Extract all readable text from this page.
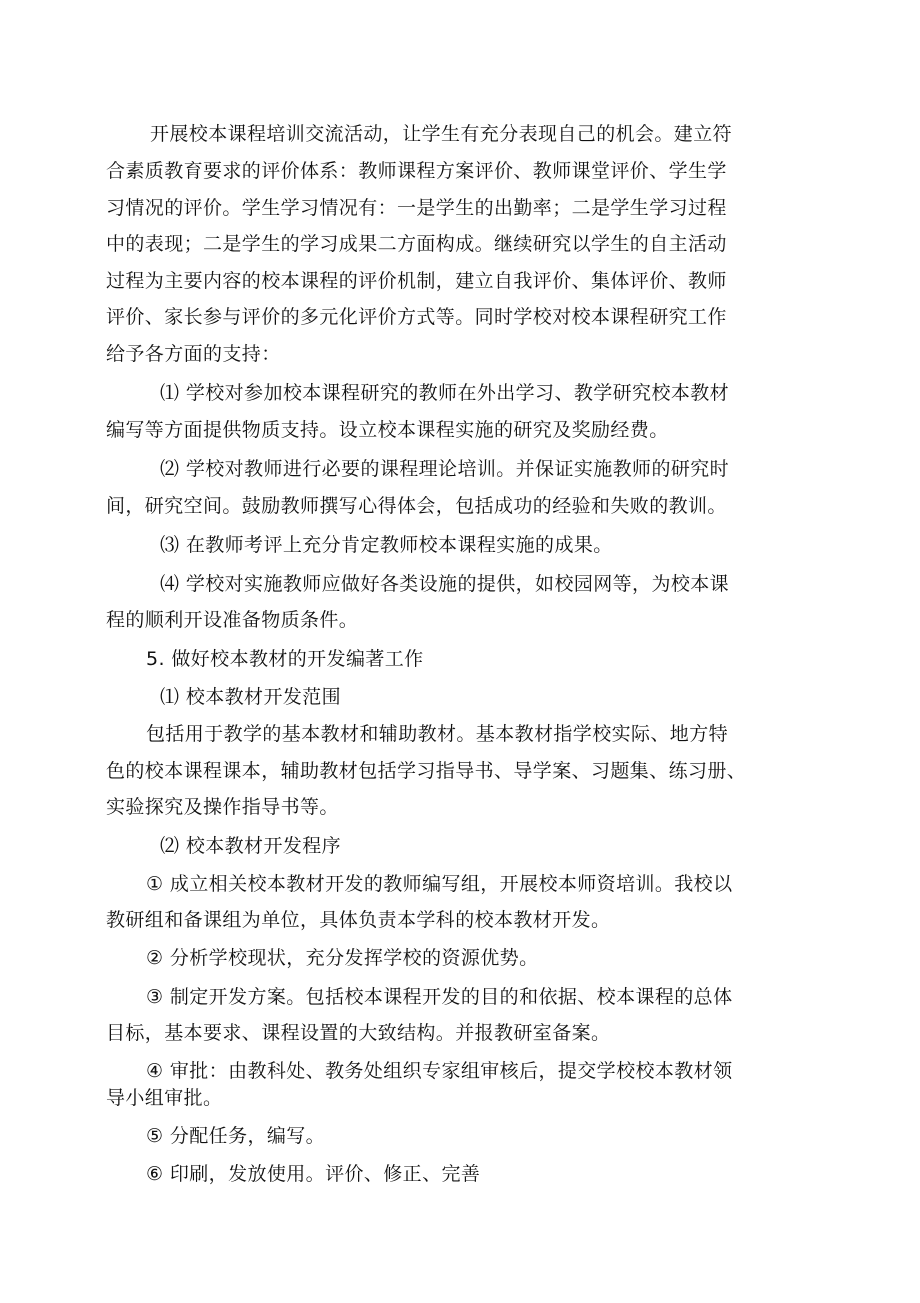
开展校本课程培训交流活动，让学生有充分表现自己的机会。建立符
合素质教育要求的评价体系：教师课程方案评价、教师课堂评价、学生学
习情况的评价。学生学习情况有：一是学生的出勤率；二是学生学习过程
中的表现；二是学生的学习成果二方面构成。继续研究以学生的自主活动
过程为主要内容的校本课程的评价机制，建立自我评价、集体评价、教师
评价、家长参与评价的多元化评价方式等。同时学校对校本课程研究工作
给予各方面的支持：
⑴ 学校对参加校本课程研究的教师在外出学习、教学研究校本教材
编写等方面提供物质支持。设立校本课程实施的研究及奖励经费。
⑵ 学校对教师进行必要的课程理论培训。并保证实施教师的研究时
间，研究空间。鼓励教师撰写心得体会，包括成功的经验和失败的教训。
⑶ 在教师考评上充分肯定教师校本课程实施的成果。
⑷ 学校对实施教师应做好各类设施的提供，如校园网等，为校本课
程的顺利开设准备物质条件。
5. 做好校本教材的开发编著工作
⑴ 校本教材开发范围
包括用于教学的基本教材和辅助教材。基本教材指学校实际、地方特
色的校本课程课本，辅助教材包括学习指导书、导学案、习题集、练习册、
实验探究及操作指导书等。
⑵ 校本教材开发程序
① 成立相关校本教材开发的教师编写组，开展校本师资培训。我校以
教研组和备课组为单位，具体负责本学科的校本教材开发。
② 分析学校现状，充分发挥学校的资源优势。
③ 制定开发方案。包括校本课程开发的目的和依据、校本课程的总体
目标，基本要求、课程设置的大致结构。并报教研室备案。
④ 审批：由教科处、教务处组织专家组审核后，提交学校校本教材领
导小组审批。
⑤ 分配任务，编写。
⑥ 印刷，发放使用。评价、修正、完善
